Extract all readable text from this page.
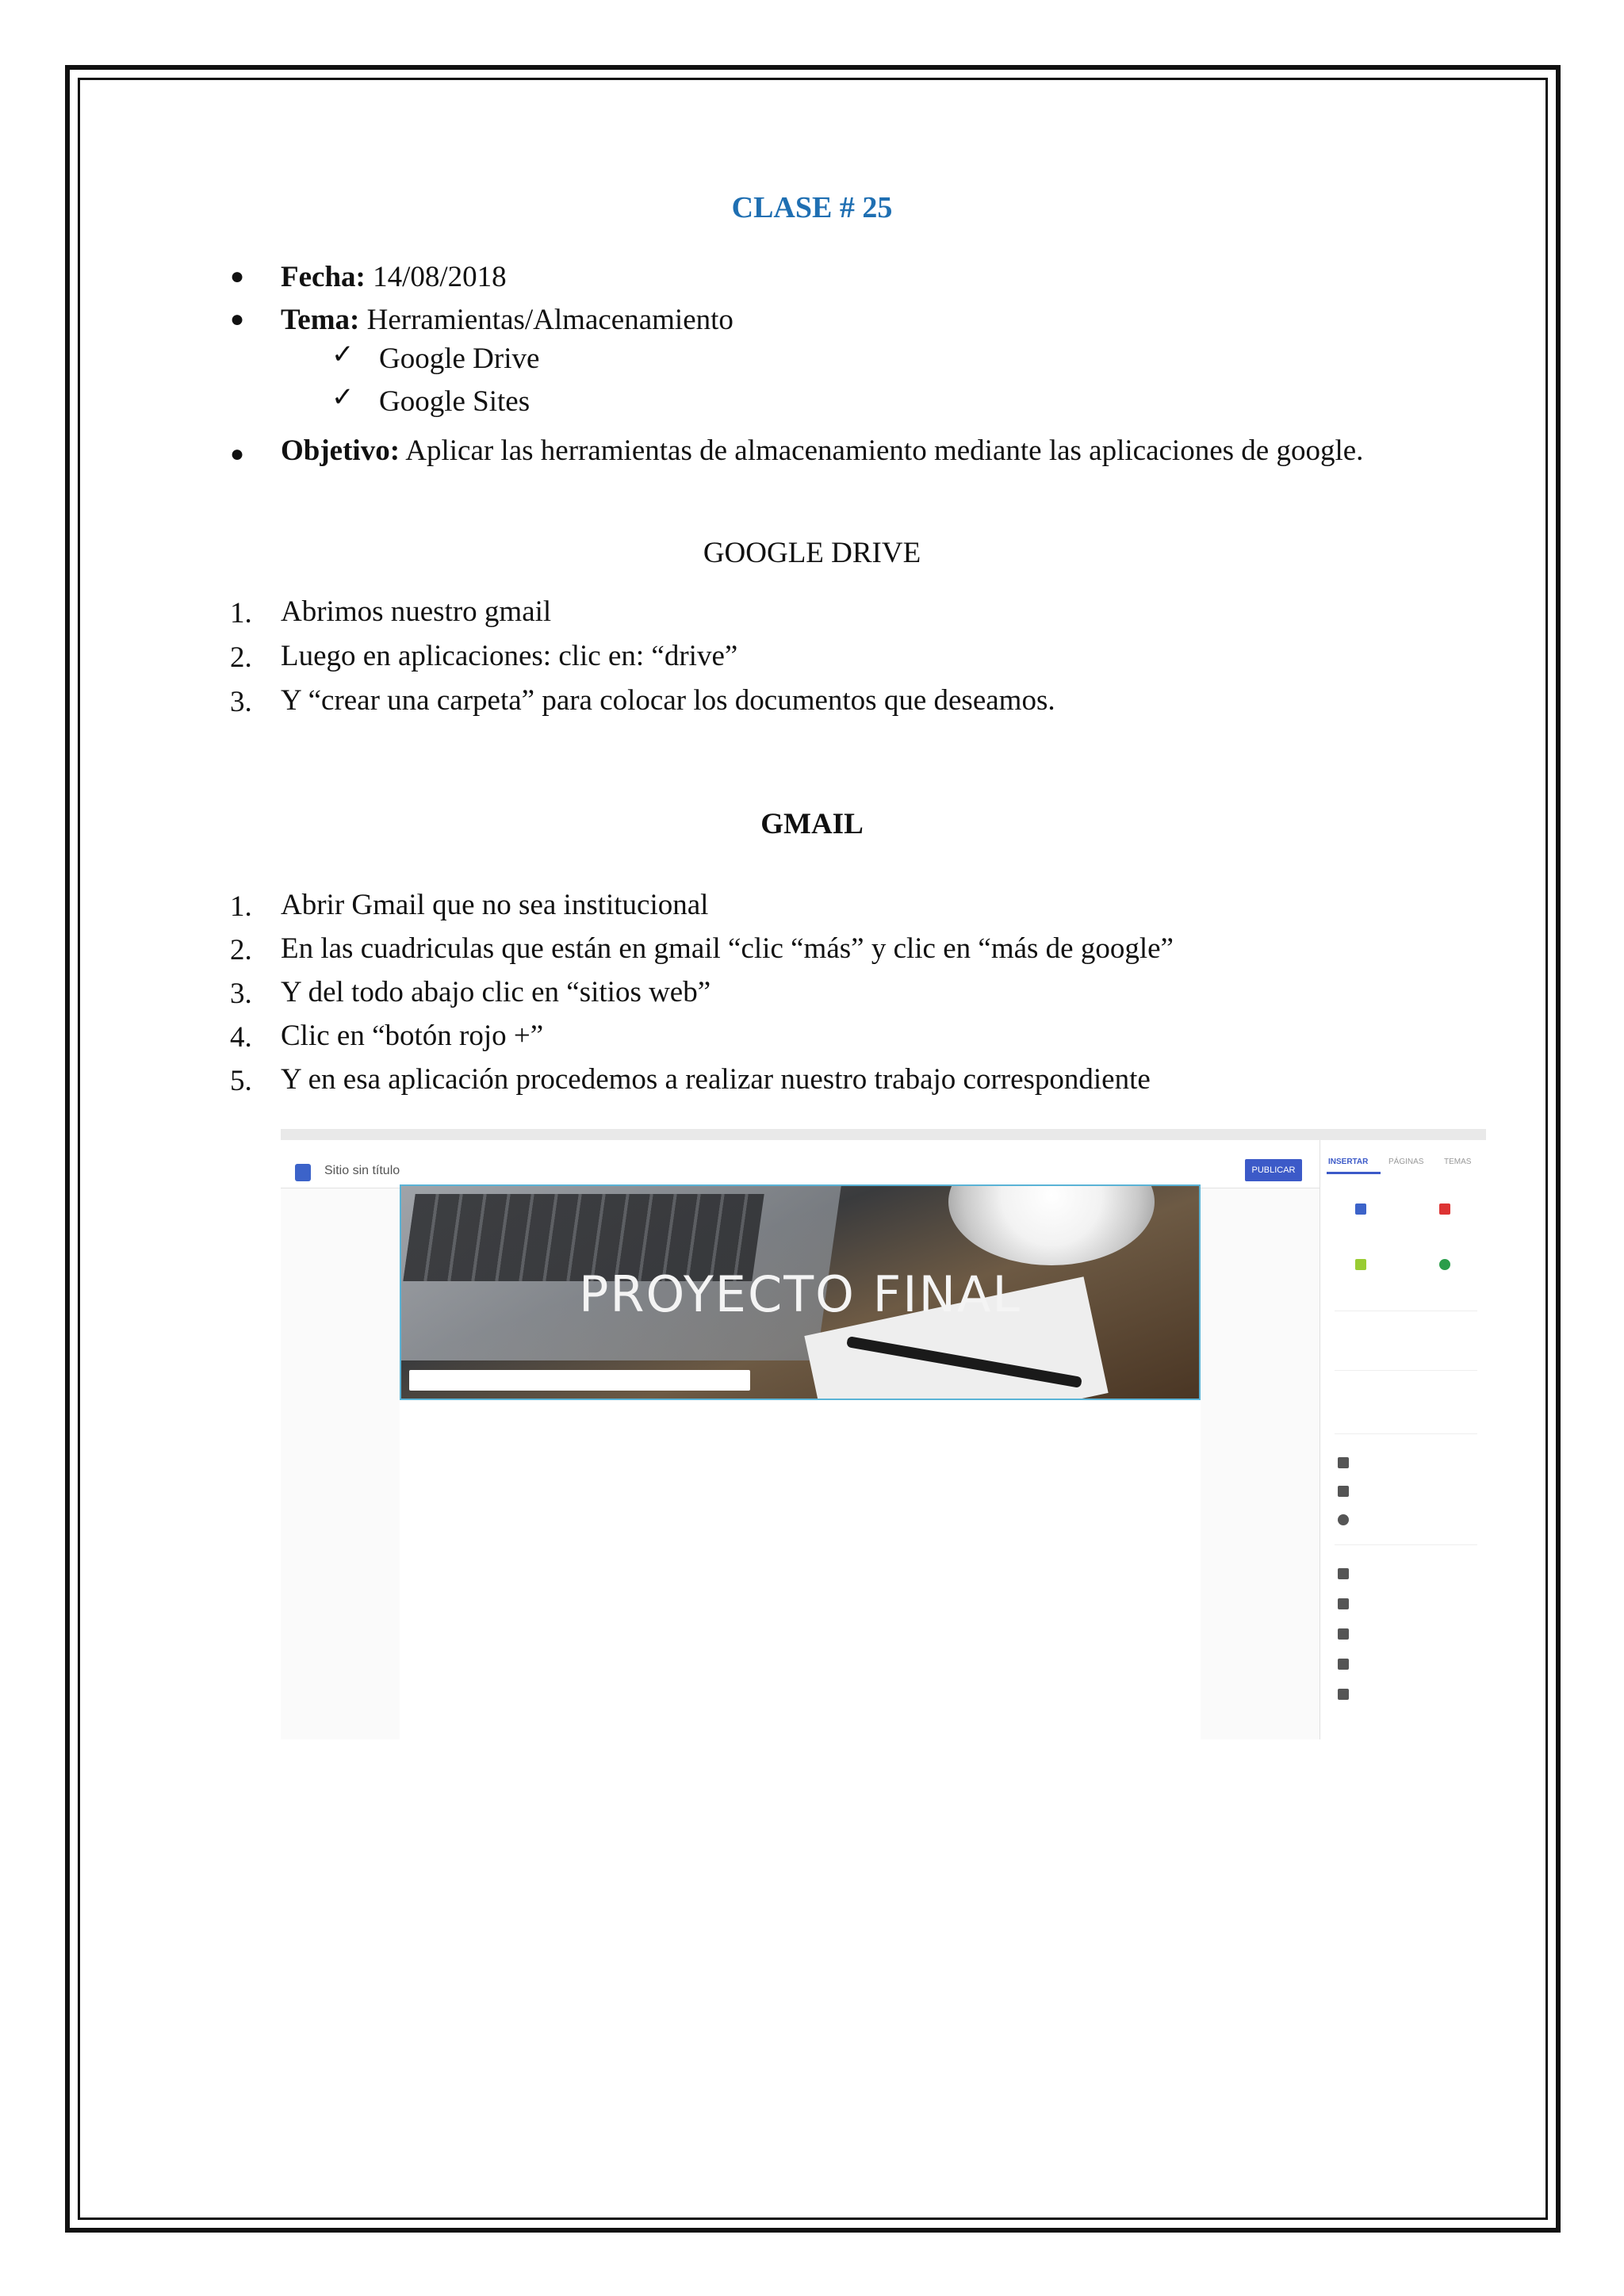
CLASE # 25
● Fecha: 14/08/2018
● Tema: Herramientas/Almacenamiento
✓ Google Drive
✓ Google Sites
● Objetivo: Aplicar las herramientas de almacenamiento mediante las aplicaciones de google.
GOOGLE DRIVE
1. Abrimos nuestro gmail
2. Luego en aplicaciones: clic en: “drive”
3. Y “crear una carpeta” para colocar los documentos que deseamos.
GMAIL
1. Abrir Gmail que no sea institucional
2. En las cuadriculas que están en gmail “clic “más” y clic en “más de google”
3. Y del todo abajo clic en “sitios web”
4. Clic en “botón rojo +”
5. Y en esa aplicación procedemos a realizar nuestro trabajo correspondiente
Sitio sin título	PUBLICAR
PROYECTO FINAL
INSERTAR	PÁGINAS	TEMAS
